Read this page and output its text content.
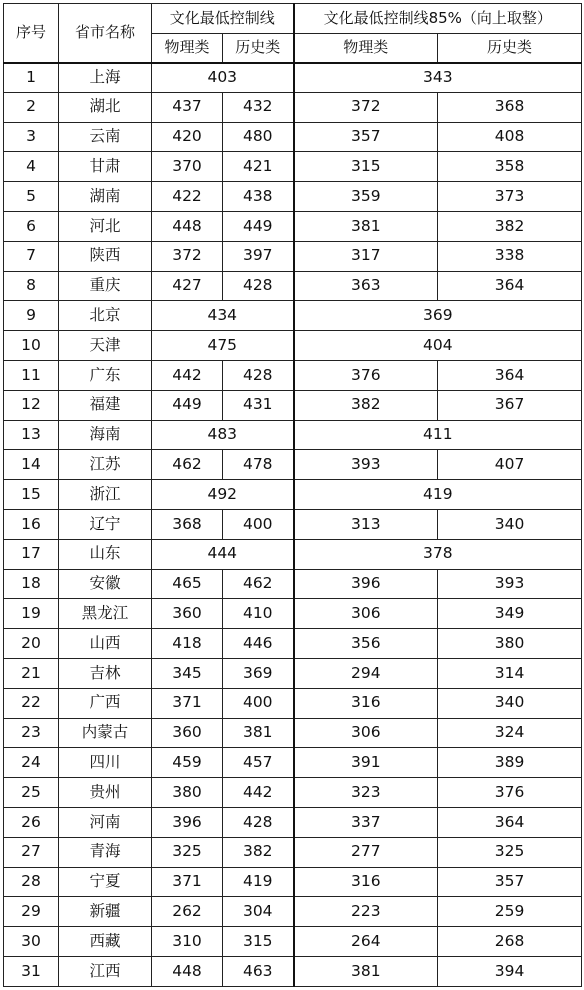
序号	省市名称	文化最低控制线		文化最低控制线85%（向上取整）	
		物理类	历史类	物理类	历史类
1	上海	403		343	
2	湖北	437	432	372	368
3	云南	420	480	357	408
4	甘肃	370	421	315	358
5	湖南	422	438	359	373
6	河北	448	449	381	382
7	陕西	372	397	317	338
8	重庆	427	428	363	364
9	北京	434		369	
10	天津	475		404	
11	广东	442	428	376	364
12	福建	449	431	382	367
13	海南	483		411	
14	江苏	462	478	393	407
15	浙江	492		419	
16	辽宁	368	400	313	340
17	山东	444		378	
18	安徽	465	462	396	393
19	黑龙江	360	410	306	349
20	山西	418	446	356	380
21	吉林	345	369	294	314
22	广西	371	400	316	340
23	内蒙古	360	381	306	324
24	四川	459	457	391	389
25	贵州	380	442	323	376
26	河南	396	428	337	364
27	青海	325	382	277	325
28	宁夏	371	419	316	357
29	新疆	262	304	223	259
30	西藏	310	315	264	268
31	江西	448	463	381	394
